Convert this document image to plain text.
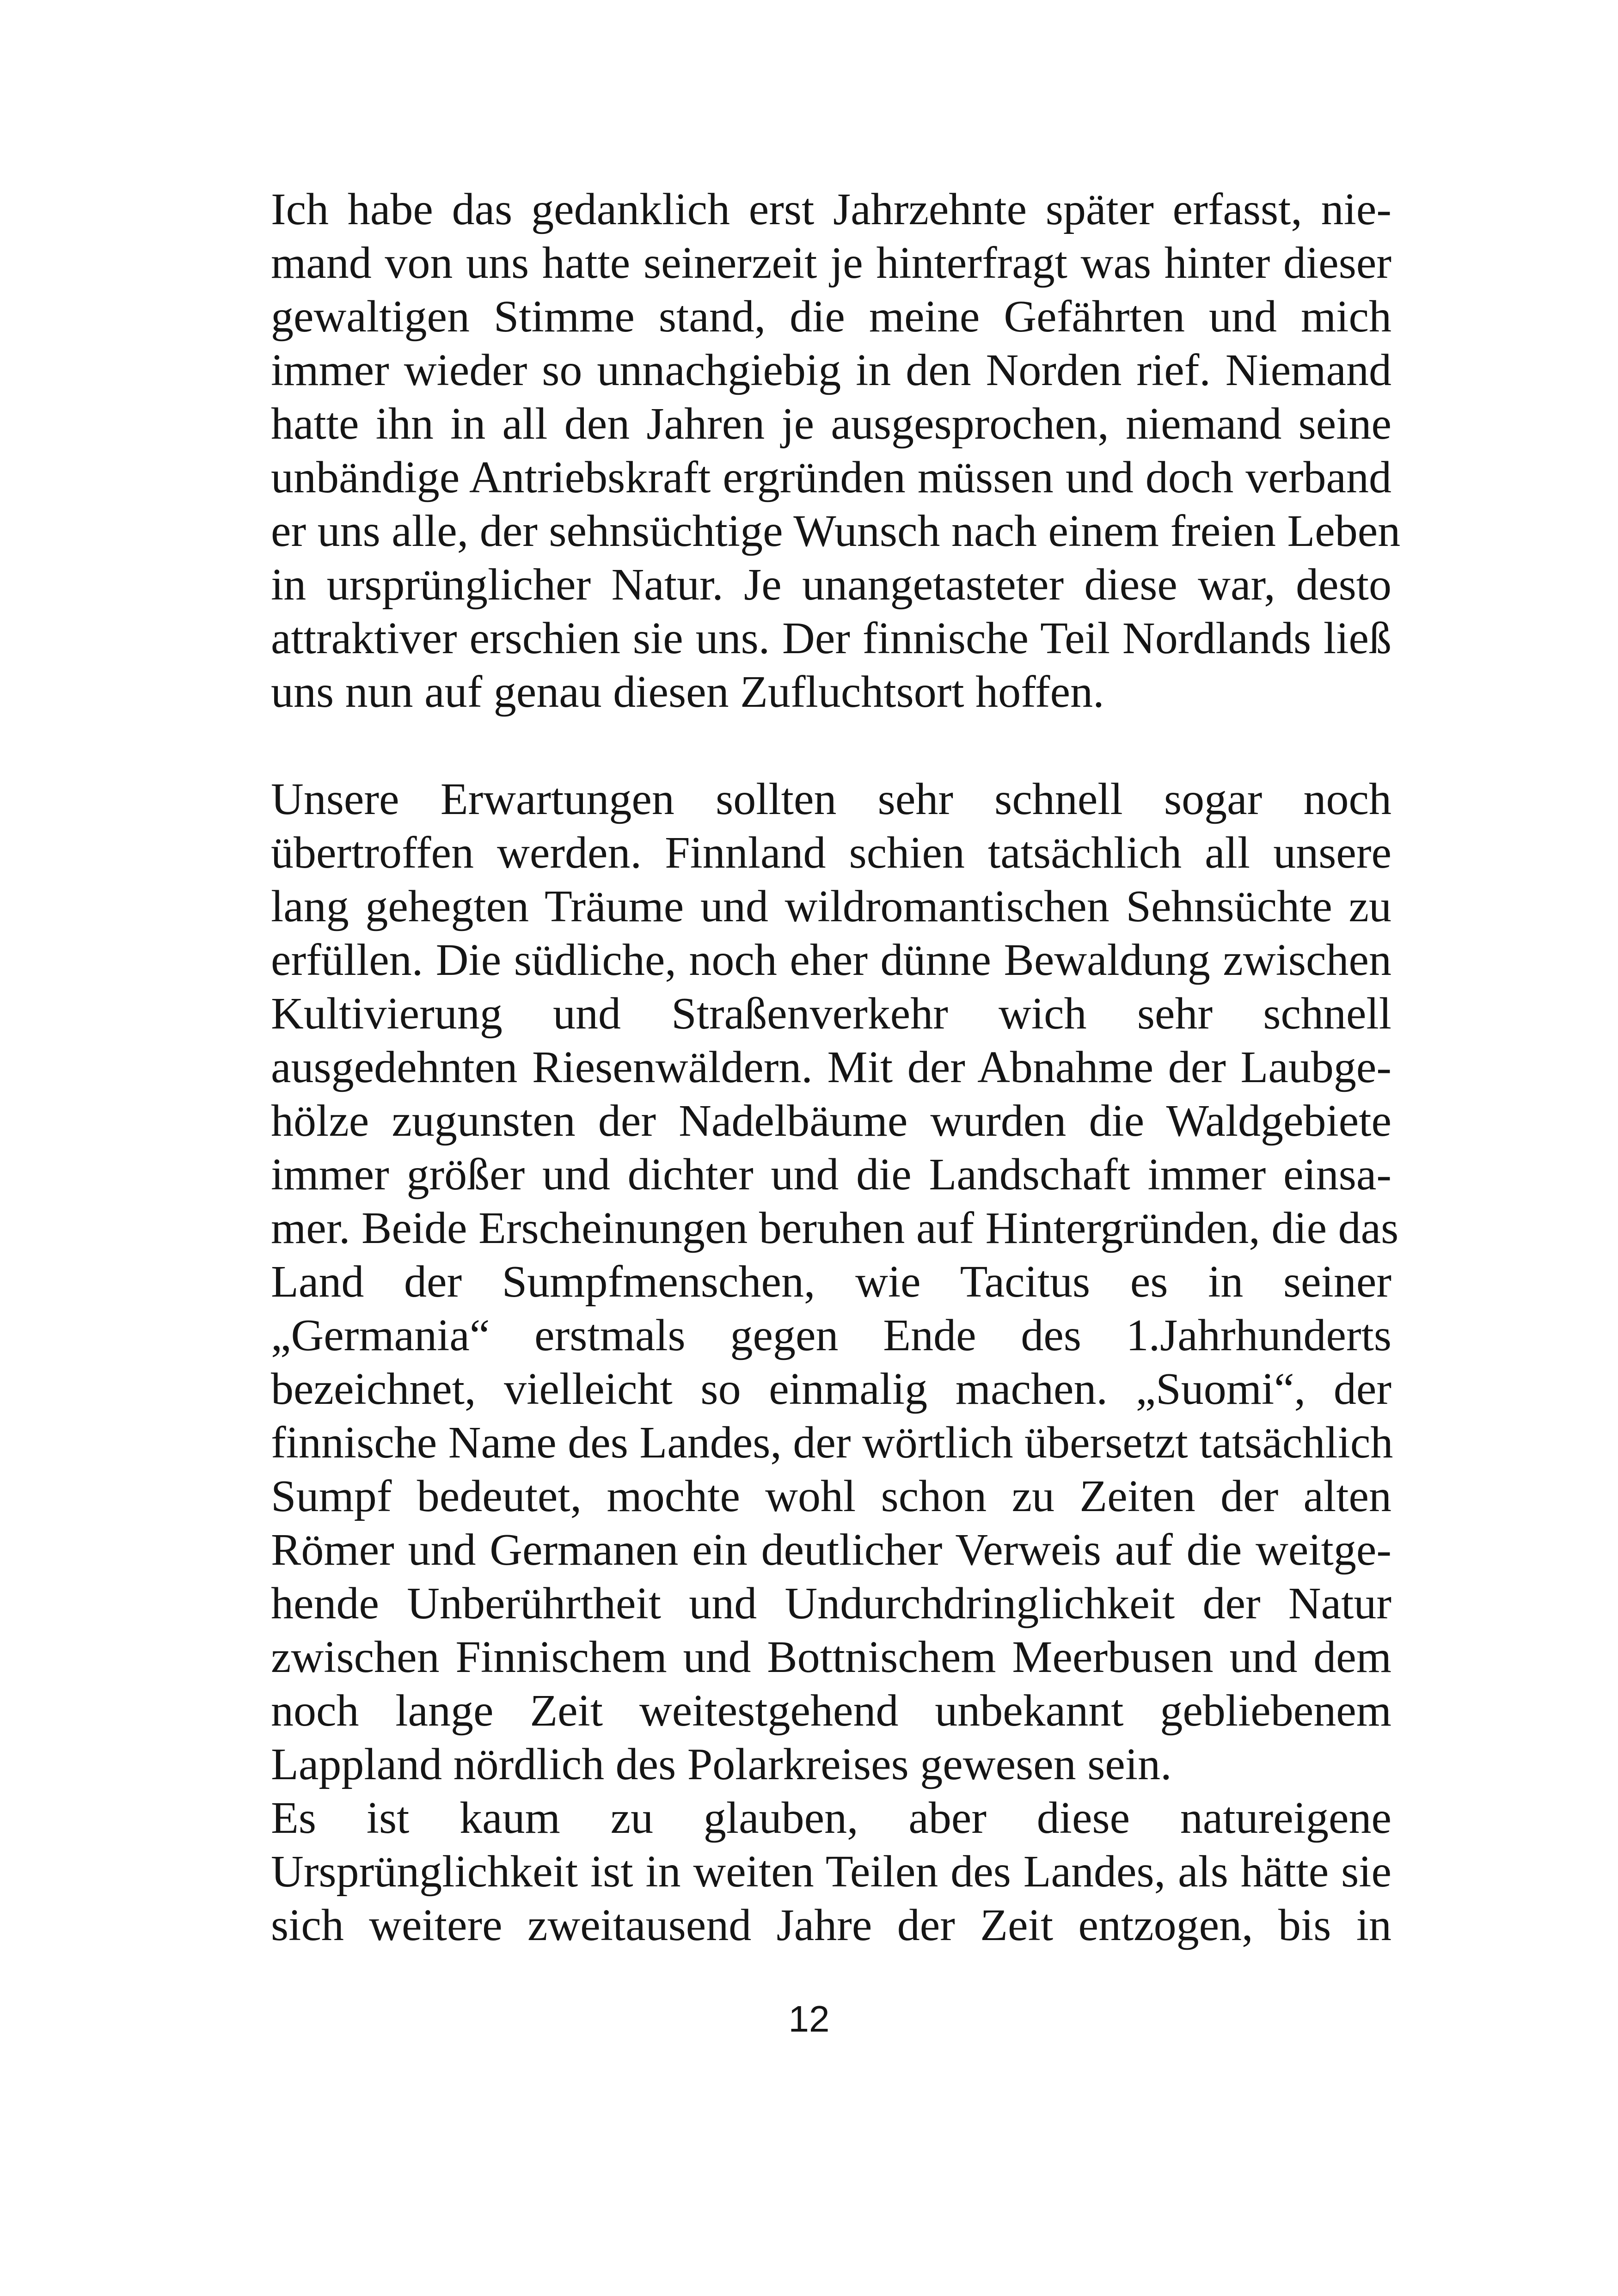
Ich habe das gedanklich erst Jahrzehnte später erfasst, nie-
mand von uns hatte seinerzeit je hinterfragt was hinter dieser
gewaltigen Stimme stand, die meine Gefährten und mich
immer wieder so unnachgiebig in den Norden rief. Niemand
hatte ihn in all den Jahren je ausgesprochen, niemand seine
unbändige Antriebskraft ergründen müssen und doch verband
er uns alle, der sehnsüchtige Wunsch nach einem freien Leben
in ursprünglicher Natur. Je unangetasteter diese war, desto
attraktiver erschien sie uns. Der finnische Teil Nordlands ließ
uns nun auf genau diesen Zufluchtsort hoffen.
Unsere Erwartungen sollten sehr schnell sogar noch
übertroffen werden. Finnland schien tatsächlich all unsere
lang gehegten Träume und wildromantischen Sehnsüchte zu
erfüllen. Die südliche, noch eher dünne Bewaldung zwischen
Kultivierung und Straßenverkehr wich sehr schnell
ausgedehnten Riesenwäldern. Mit der Abnahme der Laubge-
hölze zugunsten der Nadelbäume wurden die Waldgebiete
immer größer und dichter und die Landschaft immer einsa-
mer. Beide Erscheinungen beruhen auf Hintergründen, die das
Land der Sumpfmenschen, wie Tacitus es in seiner
„Germania“ erstmals gegen Ende des 1.Jahrhunderts
bezeichnet, vielleicht so einmalig machen. „Suomi“, der
finnische Name des Landes, der wörtlich übersetzt tatsächlich
Sumpf bedeutet, mochte wohl schon zu Zeiten der alten
Römer und Germanen ein deutlicher Verweis auf die weitge-
hende Unberührtheit und Undurchdringlichkeit der Natur
zwischen Finnischem und Bottnischem Meerbusen und dem
noch lange Zeit weitestgehend unbekannt gebliebenem
Lappland nördlich des Polarkreises gewesen sein.
Es ist kaum zu glauben, aber diese natureigene
Ursprünglichkeit ist in weiten Teilen des Landes, als hätte sie
sich weitere zweitausend Jahre der Zeit entzogen, bis in
12
